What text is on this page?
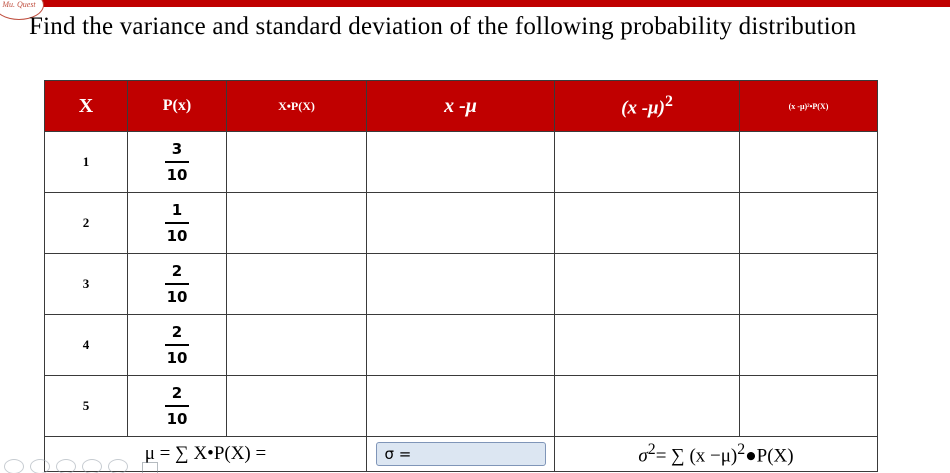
Mu. Quest
Find the variance and standard deviation of the following probability distribution
X	P(x)	X•P(X)	x -μ	(x -μ)$^2$	(x -μ)²•P(X)
1	$\frac{3}{10}$

2	$\frac{1}{10}$

3	$\frac{2}{10}$

4	$\frac{2}{10}$

5	$\frac{2}{10}$

μ = ∑ X•P(X) =			σ =	$\sigma^2=$ ∑ $(x -\mu)^2●P(X)$	
